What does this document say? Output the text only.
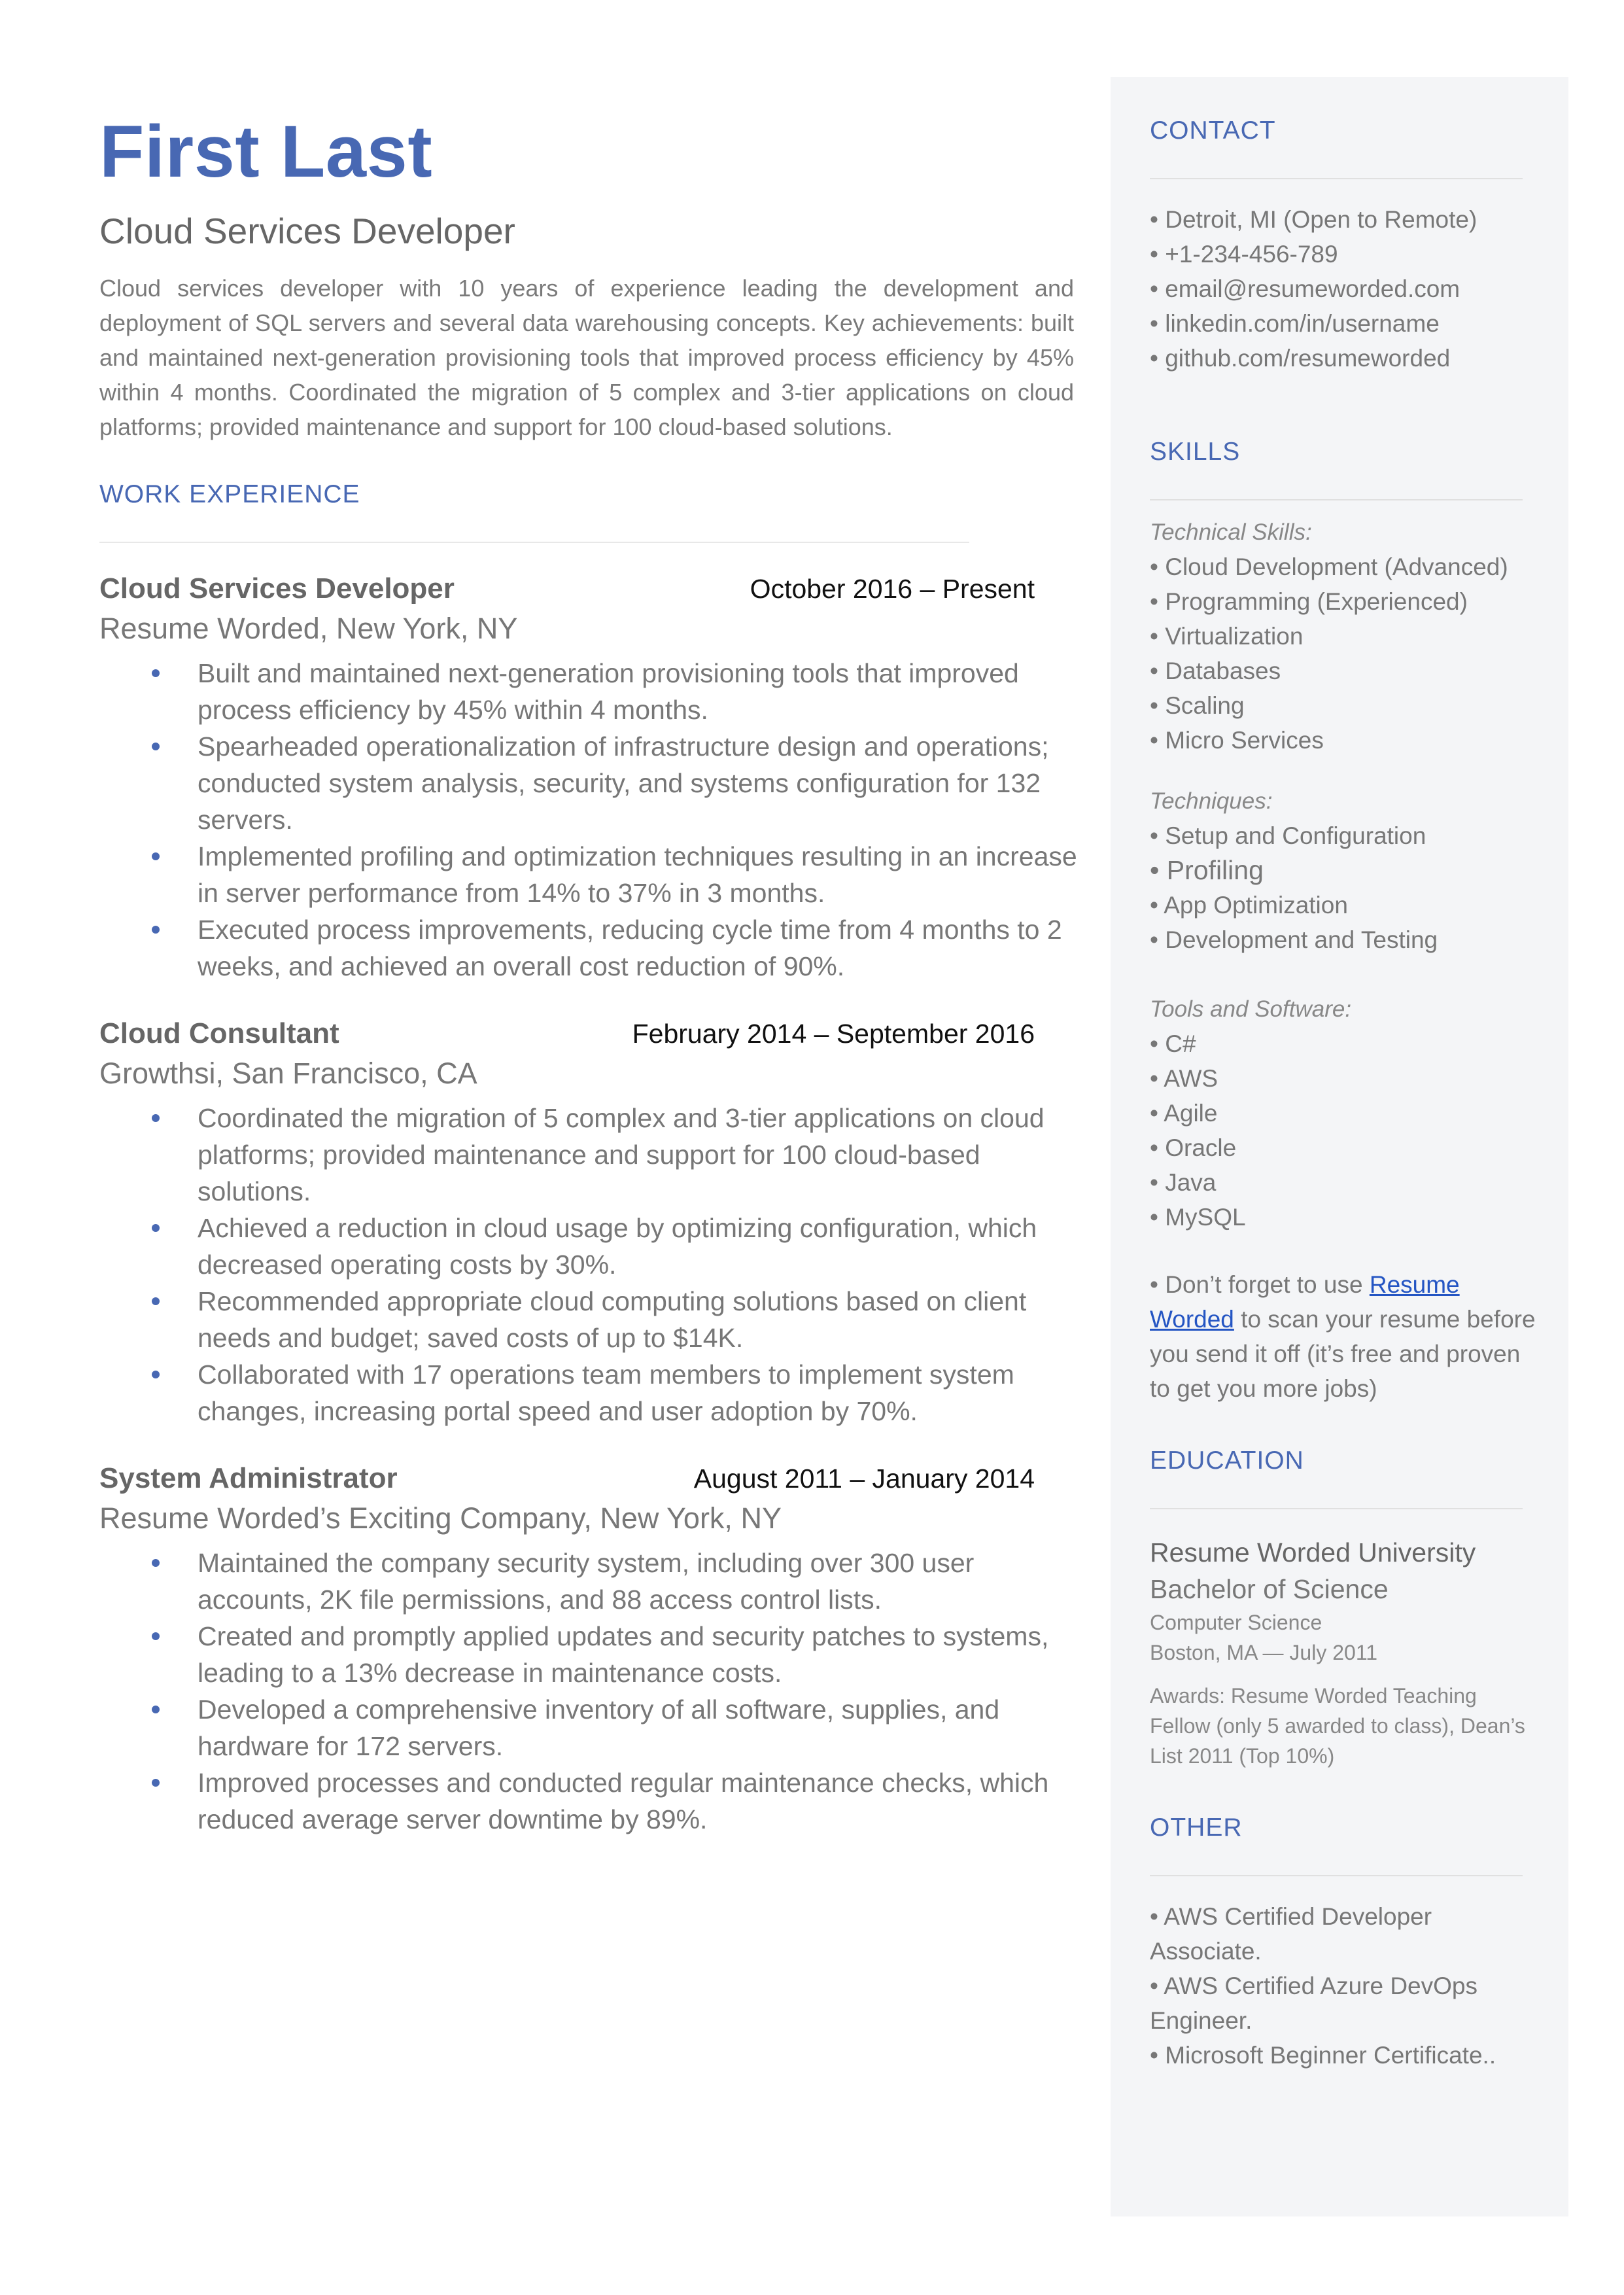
First Last
Cloud Services Developer
Cloud services developer with 10 years of experience leading the development and deployment of SQL servers and several data warehousing concepts. Key achievements: built and maintained next-generation provisioning tools that improved process efficiency by 45% within 4 months. Coordinated the migration of 5 complex and 3-tier applications on cloud platforms; provided maintenance and support for 100 cloud-based solutions.
WORK EXPERIENCE
Cloud Services Developer	October 2016 – Present
Resume Worded, New York, NY
Built and maintained next-generation provisioning tools that improved process efficiency by 45% within 4 months.
Spearheaded operationalization of infrastructure design and operations; conducted system analysis, security, and systems configuration for 132 servers.
Implemented profiling and optimization techniques resulting in an increase in server performance from 14% to 37% in 3 months.
Executed process improvements, reducing cycle time from 4 months to 2 weeks, and achieved an overall cost reduction of 90%.
Cloud Consultant	February 2014 – September 2016
Growthsi, San Francisco, CA
Coordinated the migration of 5 complex and 3-tier applications on cloud platforms; provided maintenance and support for 100 cloud-based solutions.
Achieved a reduction in cloud usage by optimizing configuration, which decreased operating costs by 30%.
Recommended appropriate cloud computing solutions based on client needs and budget; saved costs of up to $14K.
Collaborated with 17 operations team members to implement system changes, increasing portal speed and user adoption by 70%.
System Administrator	August 2011 – January 2014
Resume Worded’s Exciting Company, New York, NY
Maintained the company security system, including over 300 user accounts, 2K file permissions, and 88 access control lists.
Created and promptly applied updates and security patches to systems, leading to a 13% decrease in maintenance costs.
Developed a comprehensive inventory of all software, supplies, and hardware for 172 servers.
Improved processes and conducted regular maintenance checks, which reduced average server downtime by 89%.
CONTACT
• Detroit, MI (Open to Remote)
• +1-234-456-789
• email@resumeworded.com
• linkedin.com/in/username
• github.com/resumeworded
SKILLS
Technical Skills:
• Cloud Development (Advanced)
• Programming (Experienced)
• Virtualization
• Databases
• Scaling
• Micro Services
Techniques:
• Setup and Configuration
• Profiling
• App Optimization
• Development and Testing
Tools and Software:
• C#
• AWS
• Agile
• Oracle
• Java
• MySQL
• Don’t forget to use Resume Worded to scan your resume before you send it off (it’s free and proven to get you more jobs)
EDUCATION
Resume Worded University
Bachelor of Science
Computer Science
Boston, MA — July 2011
Awards: Resume Worded Teaching Fellow (only 5 awarded to class), Dean’s List 2011 (Top 10%)
OTHER
• AWS Certified Developer Associate.
• AWS Certified Azure DevOps Engineer.
• Microsoft Beginner Certificate..
